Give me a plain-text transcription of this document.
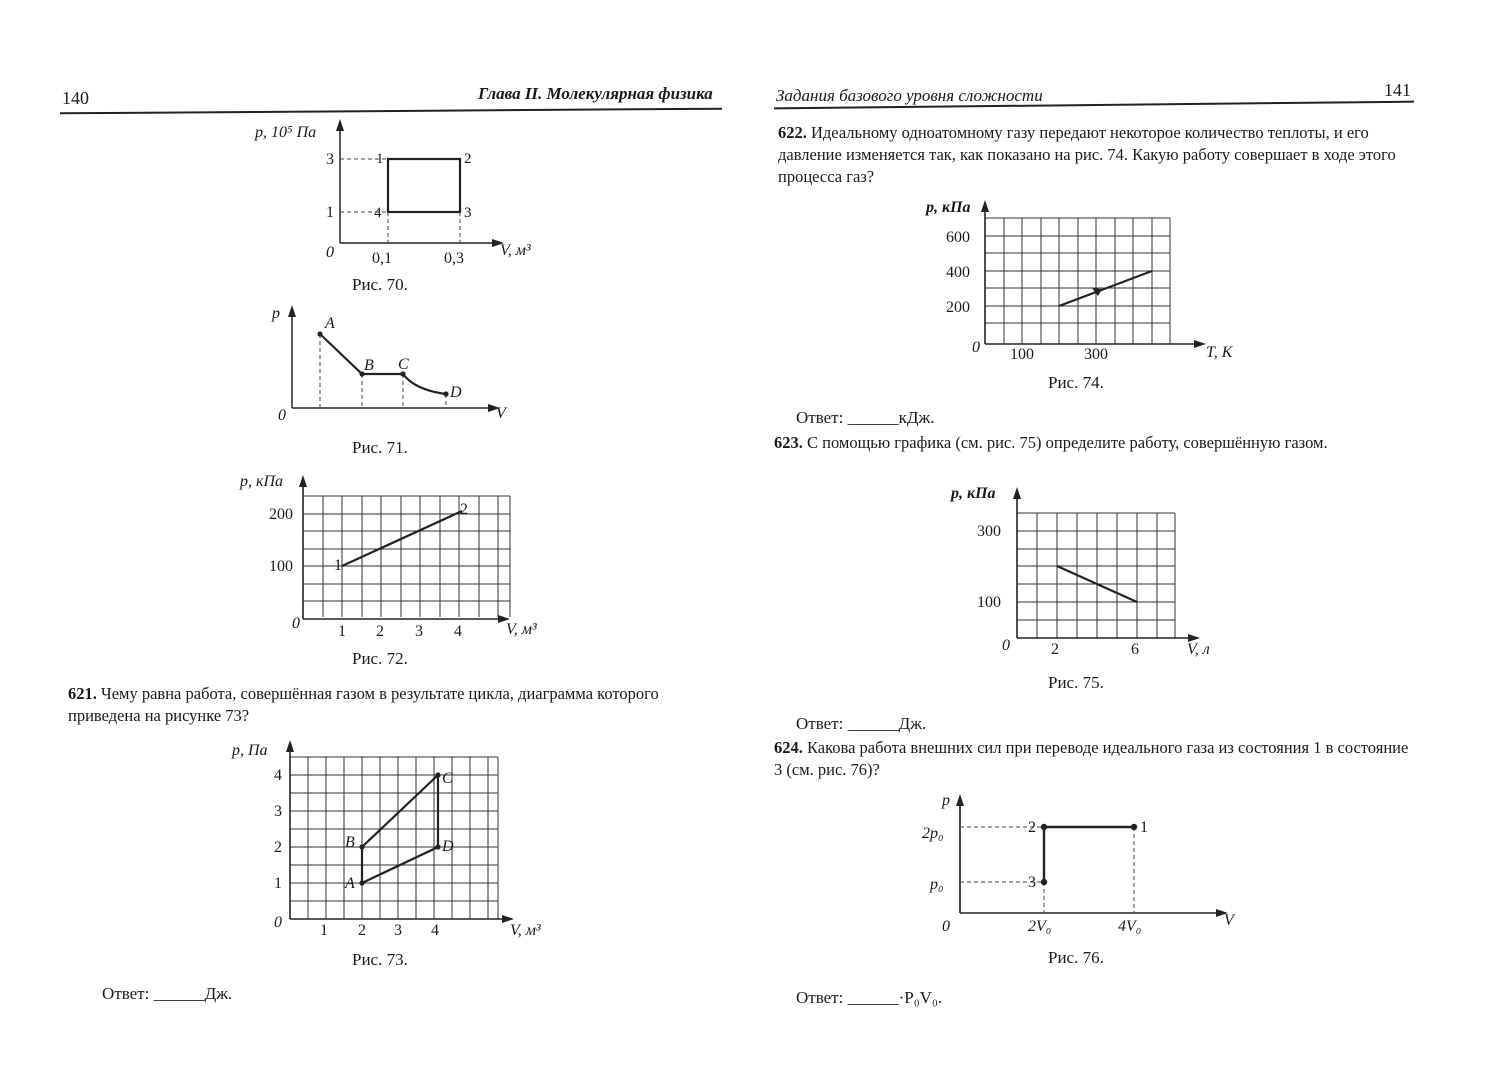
140	Глава II. Молекулярная физика
p, 10⁵ Па
V, м³
0
3
1
0,1	0,3
1	2
3
4
Рис. 70.
p
V
0
A
B C
D
Рис. 71.
p, кПа
V, м³
0
200
100
1 2 3 4
1
2
Рис. 72.
621. Чему равна работа, совершённая газом в результате цикла, диаграмма которого приведена на рисунке 73?
p, Па
V, м³
0
4
3
2
1
1 2 3 4
A
B
C
D
Рис. 73.
Ответ: ______Дж.
Задания базового уровня сложности	141
622. Идеальному одноатомному газу передают некоторое количество теплоты, и его давление изменяется так, как показано на рис. 74. Какую работу совершает в ходе этого процесса газ?
p, кПа
T, К
0
600
400
200
100	300
Рис. 74.
Ответ: ______кДж.
623. С помощью графика (см. рис. 75) определите работу, совершённую газом.
p, кПа
V, л
0
300
100
2	6
Рис. 75.
Ответ: ______Дж.
624. Какова работа внешних сил при переводе идеального газа из состояния 1 в состояние 3 (см. рис. 76)?
p
V
0
2p₀
p₀
2V₀	4V₀
1
2
3
Рис. 76.
Ответ: ______·P₀V₀.
